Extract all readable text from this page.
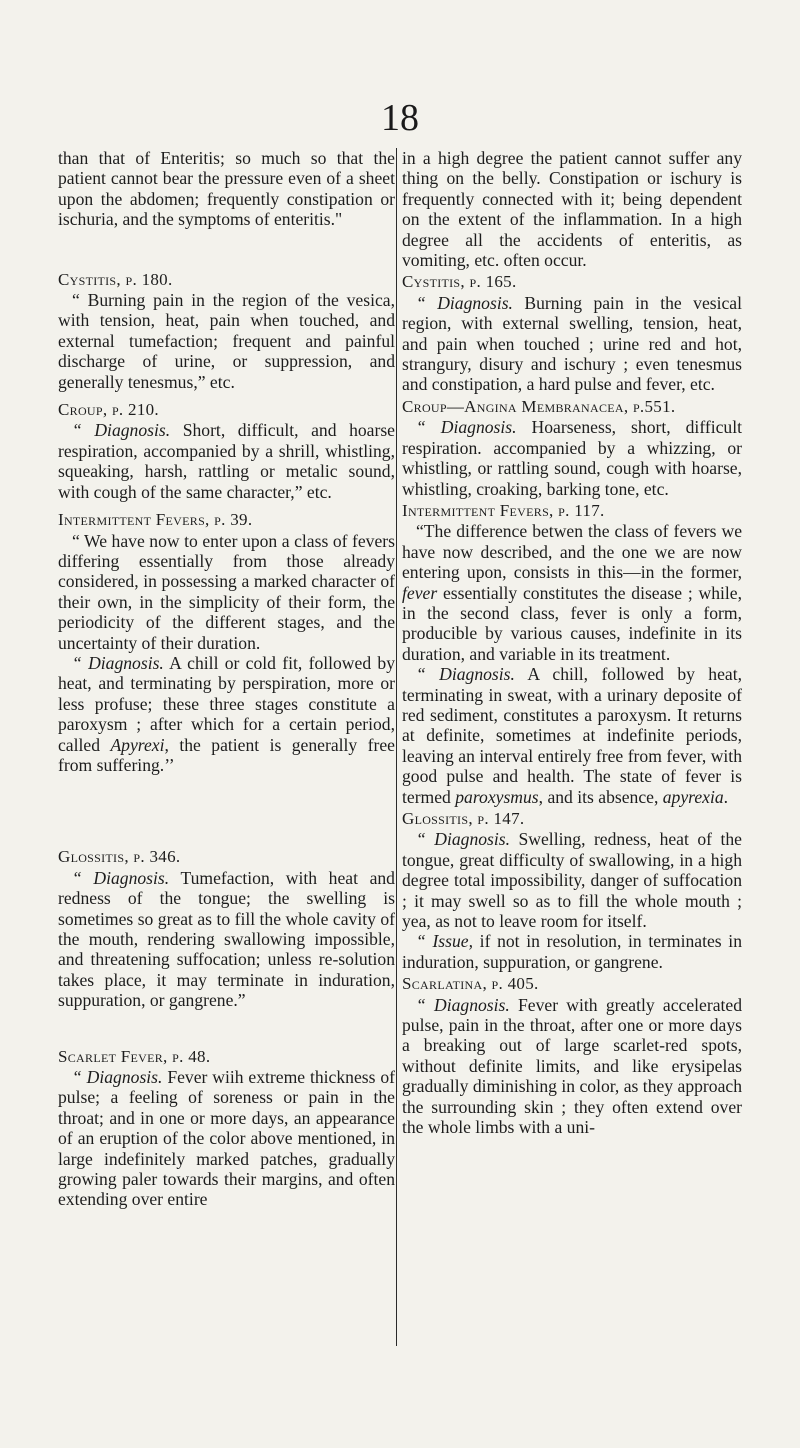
18

than that of Enteritis; so much so that the patient cannot bear the pressure even of a sheet upon the abdomen; frequently constipation or ischuria, and the symptoms of enteritis."

Cystitis, p. 180.

“ Burning pain in the region of the vesica, with tension, heat, pain when touched, and external tumefaction; frequent and painful discharge of urine, or suppression, and generally tenesmus,” etc.

Croup, p. 210.

“ Diagnosis. Short, difficult, and hoarse respiration, accompanied by a shrill, whistling, squeaking, harsh, rattling or metalic sound, with cough of the same character,” etc.

Intermittent Fevers, p. 39.

“ We have now to enter upon a class of fevers differing essentially from those already considered, in possessing a marked character of their own, in the simplicity of their form, the periodicity of the different stages, and the uncertainty of their duration.

“ Diagnosis. A chill or cold fit, followed by heat, and terminating by perspiration, more or less profuse; these three stages constitute a paroxysm ; after which for a certain period, called Apyrexi, the patient is generally free from suffering.’’

Glossitis, p. 346.

“ Diagnosis. Tumefaction, with heat and redness of the tongue; the swelling is sometimes so great as to fill the whole cavity of the mouth, rendering swallowing impossible, and threatening suffocation; unless re-solution takes place, it may terminate in induration, suppuration, or gangrene.”

Scarlet Fever, p. 48.

“ Diagnosis. Fever wiih extreme thickness of pulse; a feeling of soreness or pain in the throat; and in one or more days, an appearance of an eruption of the color above mentioned, in large indefinitely marked patches, gradually growing paler towards their margins, and often extending over entire

in a high degree the patient cannot suffer any thing on the belly. Constipation or ischury is frequently connected with it; being dependent on the extent of the inflammation. In a high degree all the accidents of enteritis, as vomiting, etc. often occur.

Cystitis, p. 165.

“ Diagnosis. Burning pain in the vesical region, with external swelling, tension, heat, and pain when touched ; urine red and hot, strangury, disury and ischury ; even tenesmus and constipation, a hard pulse and fever, etc.

Croup—Angina Membranacea, p.551.

“ Diagnosis. Hoarseness, short, difficult respiration. accompanied by a whizzing, or whistling, or rattling sound, cough with hoarse, whistling, croaking, barking tone, etc.

Intermittent Fevers, p. 117.

“The difference betwen the class of fevers we have now described, and the one we are now entering upon, consists in this—in the former, fever essentially constitutes the disease ; while, in the second class, fever is only a form, producible by various causes, indefinite in its duration, and variable in its treatment.

“ Diagnosis. A chill, followed by heat, terminating in sweat, with a urinary deposite of red sediment, constitutes a paroxysm. It returns at definite, sometimes at indefinite periods, leaving an interval entirely free from fever, with good pulse and health. The state of fever is termed paroxysmus, and its absence, apyrexia.

Glossitis, p. 147.

“ Diagnosis. Swelling, redness, heat of the tongue, great difficulty of swallowing, in a high degree total impossibility, danger of suffocation ; it may swell so as to fill the whole mouth ; yea, as not to leave room for itself.

“ Issue, if not in resolution, in terminates in induration, suppuration, or gangrene.

Scarlatina, p. 405.

“ Diagnosis. Fever with greatly accelerated pulse, pain in the throat, after one or more days a breaking out of large scarlet-red spots, without definite limits, and like erysipelas gradually diminishing in color, as they approach the surrounding skin ; they often extend over the whole limbs with a uni-
